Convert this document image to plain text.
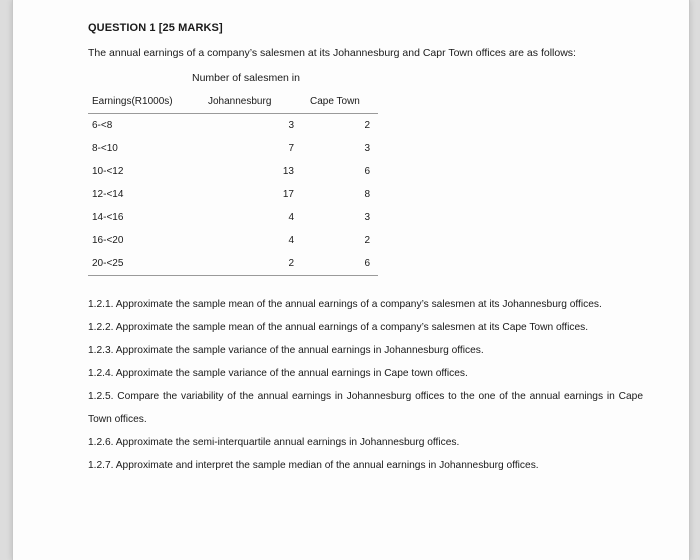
QUESTION 1 [25 MARKS]
The annual earnings of a company’s salesmen at its Johannesburg and Capr Town offices are as follows:
Number of salesmen in
Earnings(R1000s)	Johannesburg	Cape Town
6-<8	3	2
8-<10	7	3
10-<12	13	6
12-<14	17	8
14-<16	4	3
16-<20	4	2
20-<25	2	6
1.2.1. Approximate the sample mean of the annual earnings of a company’s salesmen at its Johannesburg offices.
1.2.2. Approximate the sample mean of the annual earnings of a company’s salesmen at its Cape Town offices.
1.2.3. Approximate the sample variance of the annual earnings in Johannesburg offices.
1.2.4. Approximate the sample variance of the annual earnings in Cape town offices.
1.2.5. Compare the variability of the annual earnings in Johannesburg offices to the one of the annual earnings in Cape Town offices.
1.2.6. Approximate the semi-interquartile annual earnings in Johannesburg offices.
1.2.7. Approximate and interpret the sample median of the annual earnings in Johannesburg offices.
